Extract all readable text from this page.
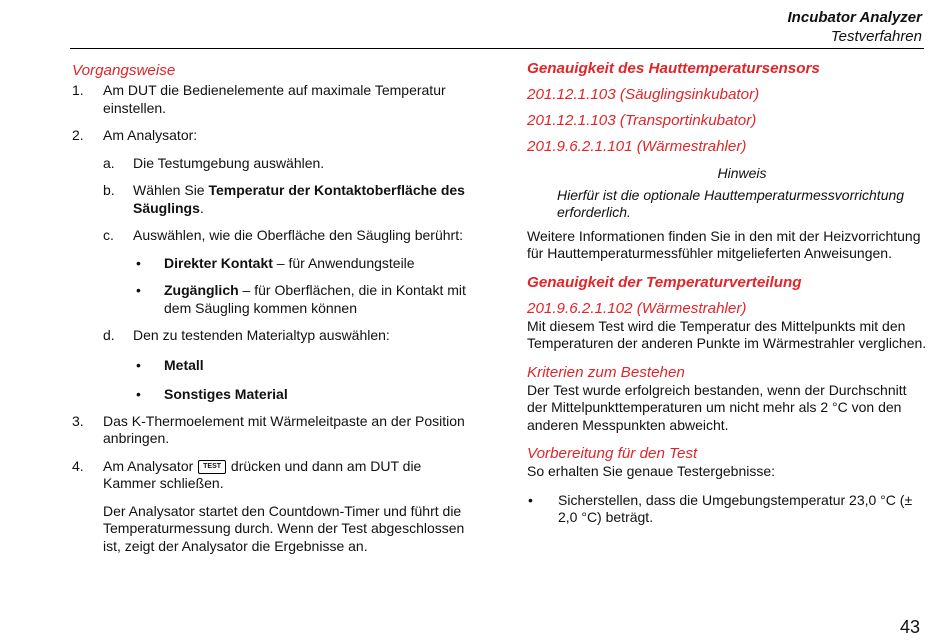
Incubator Analyzer
Testverfahren
Vorgangsweise
1. Am DUT die Bedienelemente auf maximale Temperatur einstellen.
2. Am Analysator:
a. Die Testumgebung auswählen.
b. Wählen Sie Temperatur der Kontaktoberfläche des Säuglings.
c. Auswählen, wie die Oberfläche den Säugling berührt:
• Direkter Kontakt – für Anwendungsteile
• Zugänglich – für Oberflächen, die in Kontakt mit dem Säugling kommen können
d. Den zu testenden Materialtyp auswählen:
• Metall
• Sonstiges Material
3. Das K-Thermoelement mit Wärmeleitpaste an der Position anbringen.
4. Am Analysator TEST drücken und dann am DUT die Kammer schließen.
Der Analysator startet den Countdown-Timer und führt die Temperaturmessung durch. Wenn der Test abgeschlossen ist, zeigt der Analysator die Ergebnisse an.
Genauigkeit des Hauttemperatursensors
201.12.1.103 (Säuglingsinkubator)
201.12.1.103 (Transportinkubator)
201.9.6.2.1.101 (Wärmestrahler)
Hinweis
Hierfür ist die optionale Hauttemperaturmessvorrichtung erforderlich.
Weitere Informationen finden Sie in den mit der Heizvorrichtung für Hauttemperaturmessfühler mitgelieferten Anweisungen.
Genauigkeit der Temperaturverteilung
201.9.6.2.1.102 (Wärmestrahler)
Mit diesem Test wird die Temperatur des Mittelpunkts mit den Temperaturen der anderen Punkte im Wärmestrahler verglichen.
Kriterien zum Bestehen
Der Test wurde erfolgreich bestanden, wenn der Durchschnitt der Mittelpunkttemperaturen um nicht mehr als 2 °C von den anderen Messpunkten abweicht.
Vorbereitung für den Test
So erhalten Sie genaue Testergebnisse:
• Sicherstellen, dass die Umgebungstemperatur 23,0 °C (± 2,0 °C) beträgt.
43
